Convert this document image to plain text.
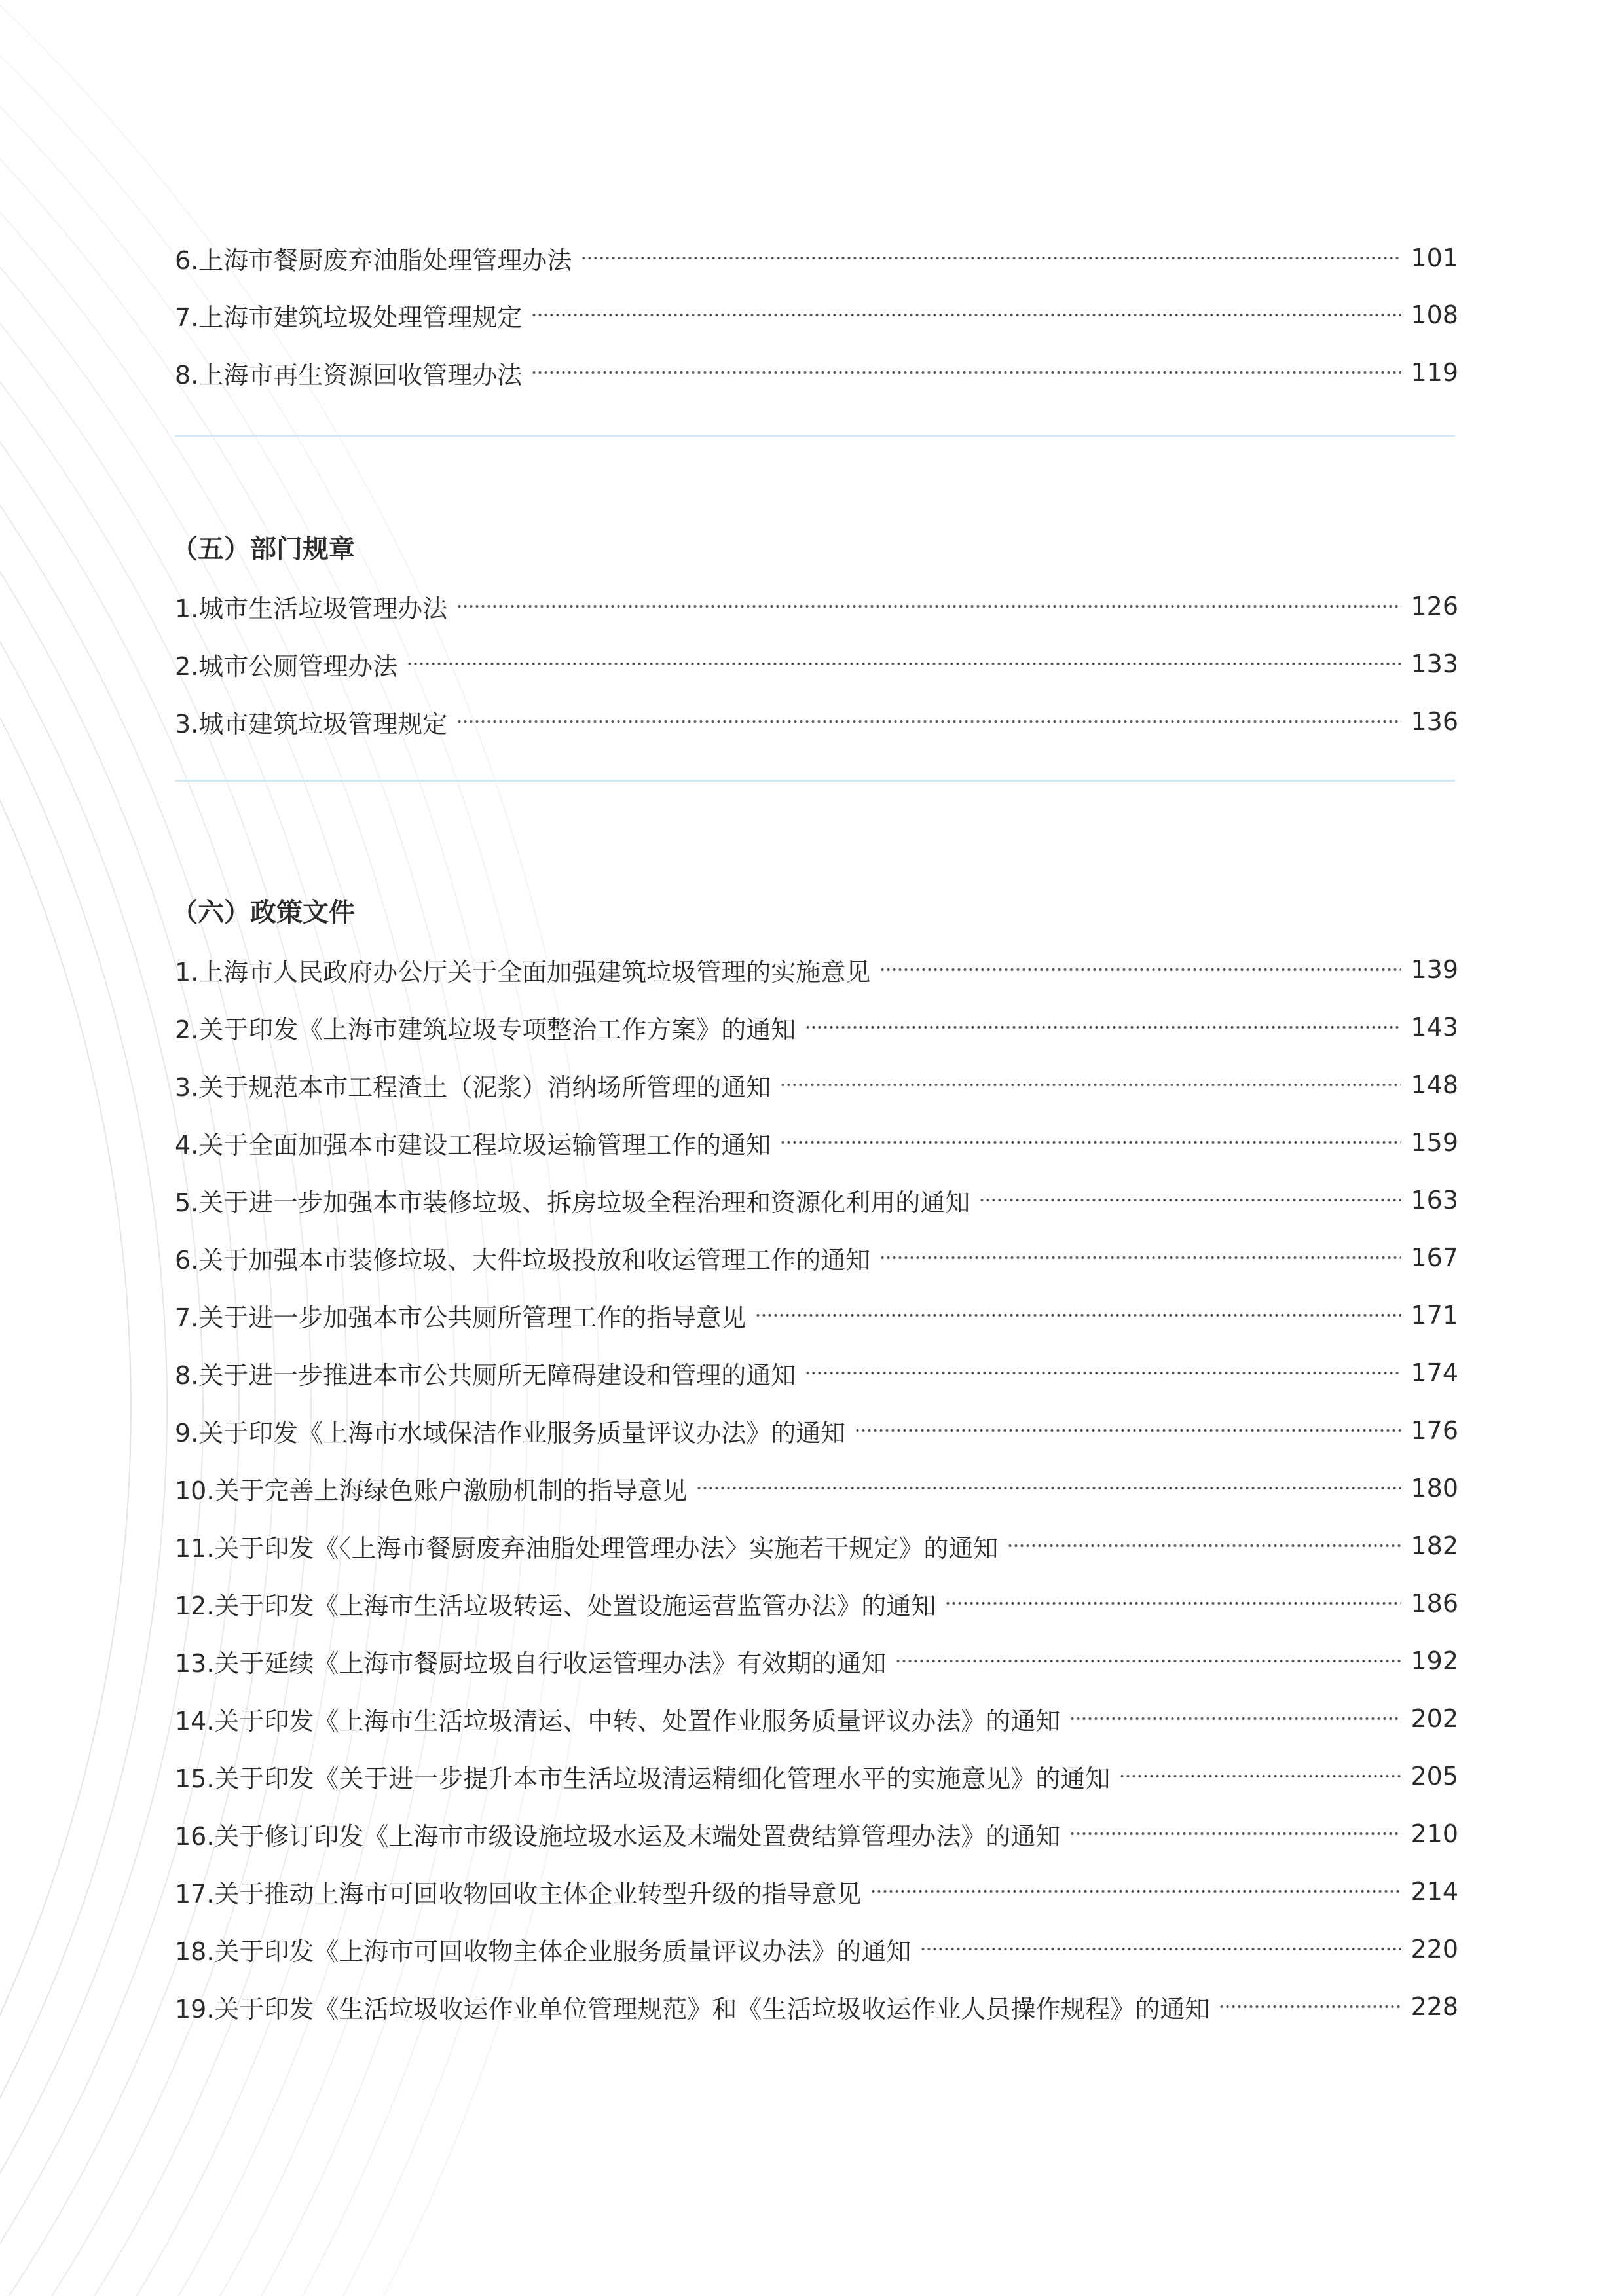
6.上海市餐厨废弃油脂处理管理办法	101
7.上海市建筑垃圾处理管理规定	108
8.上海市再生资源回收管理办法	119
（五）部门规章
1.城市生活垃圾管理办法	126
2.城市公厕管理办法	133
3.城市建筑垃圾管理规定	136
（六）政策文件
1.上海市人民政府办公厅关于全面加强建筑垃圾管理的实施意见	139
2.关于印发《上海市建筑垃圾专项整治工作方案》的通知	143
3.关于规范本市工程渣土（泥浆）消纳场所管理的通知	148
4.关于全面加强本市建设工程垃圾运输管理工作的通知	159
5.关于进一步加强本市装修垃圾、拆房垃圾全程治理和资源化利用的通知	163
6.关于加强本市装修垃圾、大件垃圾投放和收运管理工作的通知	167
7.关于进一步加强本市公共厕所管理工作的指导意见	171
8.关于进一步推进本市公共厕所无障碍建设和管理的通知	174
9.关于印发《上海市水域保洁作业服务质量评议办法》的通知	176
10.关于完善上海绿色账户激励机制的指导意见	180
11.关于印发《〈上海市餐厨废弃油脂处理管理办法〉实施若干规定》的通知	182
12.关于印发《上海市生活垃圾转运、处置设施运营监管办法》的通知	186
13.关于延续《上海市餐厨垃圾自行收运管理办法》有效期的通知	192
14.关于印发《上海市生活垃圾清运、中转、处置作业服务质量评议办法》的通知	202
15.关于印发《关于进一步提升本市生活垃圾清运精细化管理水平的实施意见》的通知	205
16.关于修订印发《上海市市级设施垃圾水运及末端处置费结算管理办法》的通知	210
17.关于推动上海市可回收物回收主体企业转型升级的指导意见	214
18.关于印发《上海市可回收物主体企业服务质量评议办法》的通知	220
19.关于印发《生活垃圾收运作业单位管理规范》和《生活垃圾收运作业人员操作规程》的通知	228
